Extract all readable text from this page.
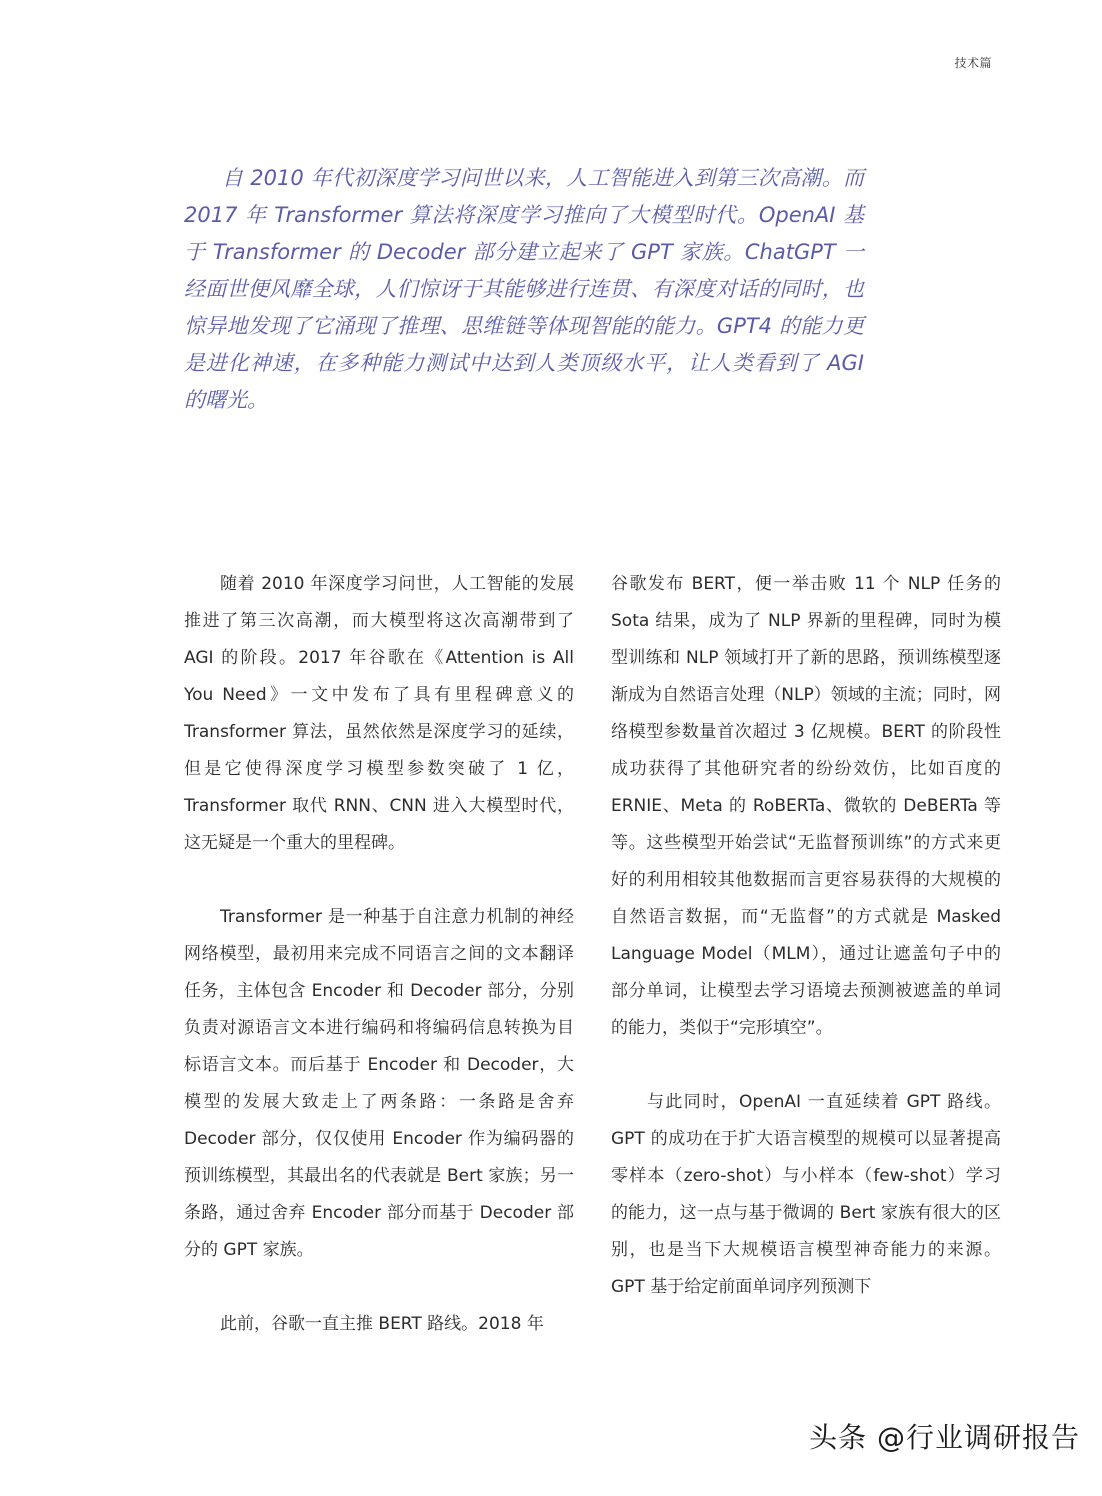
技术篇

自 2010 年代初深度学习问世以来，人工智能进入到第三次高潮。而 2017 年 Transformer 算法将深度学习推向了大模型时代。OpenAI 基于 Transformer 的 Decoder 部分建立起来了 GPT 家族。ChatGPT 一经面世便风靡全球，人们惊讶于其能够进行连贯、有深度对话的同时，也惊异地发现了它涌现了推理、思维链等体现智能的能力。GPT4 的能力更是进化神速，在多种能力测试中达到人类顶级水平，让人类看到了 AGI 的曙光。

随着 2010 年深度学习问世，人工智能的发展推进了第三次高潮，而大模型将这次高潮带到了 AGI 的阶段。2017 年谷歌在《Attention is All You Need》一文中发布了具有里程碑意义的 Transformer 算法，虽然依然是深度学习的延续，但是它使得深度学习模型参数突破了 1 亿，Transformer 取代 RNN、CNN 进入大模型时代，这无疑是一个重大的里程碑。

Transformer 是一种基于自注意力机制的神经网络模型，最初用来完成不同语言之间的文本翻译任务，主体包含 Encoder 和 Decoder 部分，分别负责对源语言文本进行编码和将编码信息转换为目标语言文本。而后基于 Encoder 和 Decoder，大模型的发展大致走上了两条路：一条路是舍弃 Decoder 部分，仅仅使用 Encoder 作为编码器的预训练模型，其最出名的代表就是 Bert 家族；另一条路，通过舍弃 Encoder 部分而基于 Decoder 部分的 GPT 家族。

此前，谷歌一直主推 BERT 路线。2018 年

谷歌发布 BERT，便一举击败 11 个 NLP 任务的 Sota 结果，成为了 NLP 界新的里程碑，同时为模型训练和 NLP 领域打开了新的思路，预训练模型逐渐成为自然语言处理（NLP）领域的主流；同时，网络模型参数量首次超过 3 亿规模。BERT 的阶段性成功获得了其他研究者的纷纷效仿，比如百度的 ERNIE、Meta 的 RoBERTa、微软的 DeBERTa 等等。这些模型开始尝试“无监督预训练”的方式来更好的利用相较其他数据而言更容易获得的大规模的自然语言数据，而“无监督”的方式就是 Masked Language Model（MLM），通过让遮盖句子中的部分单词，让模型去学习语境去预测被遮盖的单词的能力，类似于“完形填空”。

与此同时，OpenAI 一直延续着 GPT 路线。GPT 的成功在于扩大语言模型的规模可以显著提高零样本（zero-shot）与小样本（few-shot）学习的能力，这一点与基于微调的 Bert 家族有很大的区别，也是当下大规模语言模型神奇能力的来源。GPT 基于给定前面单词序列预测下

头条 @行业调研报告
